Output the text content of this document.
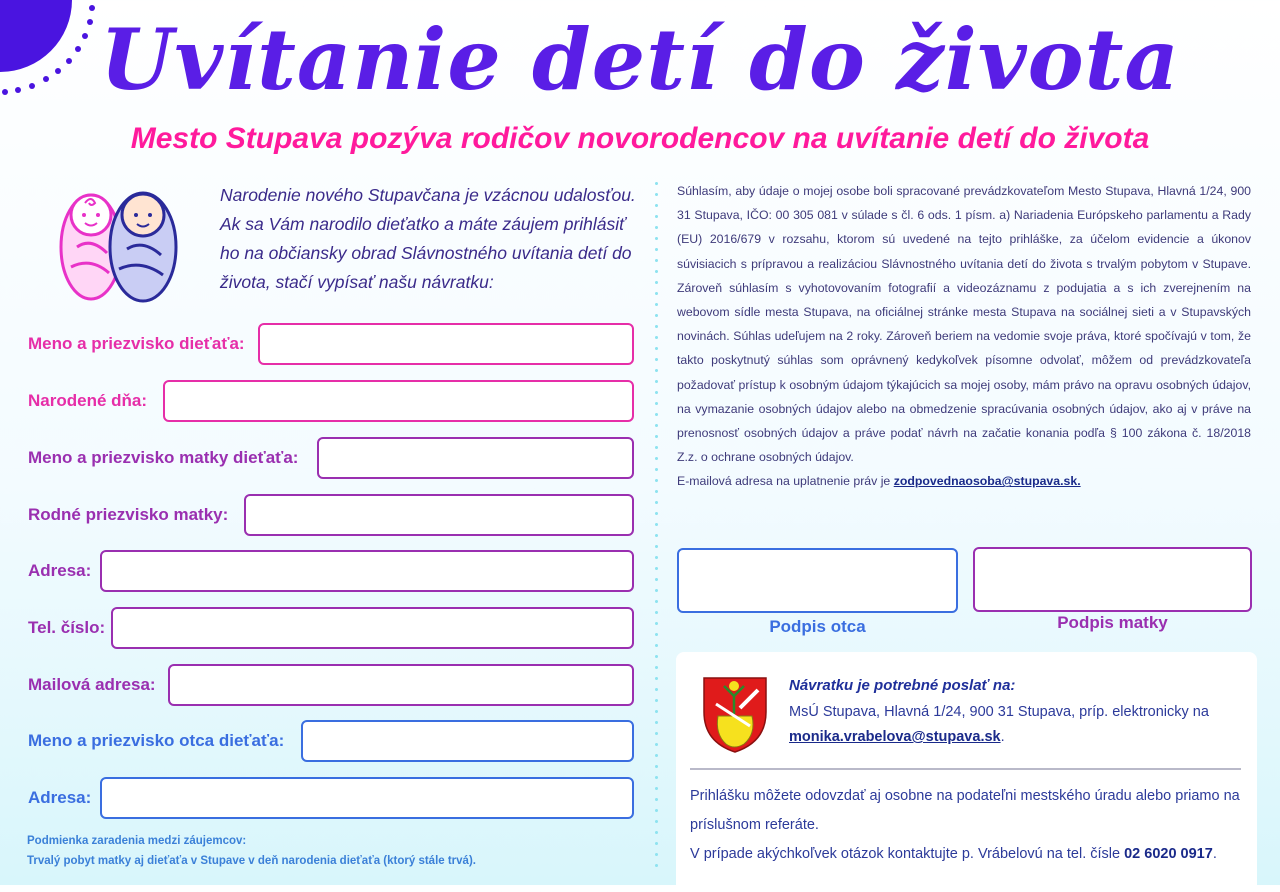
Uvítanie detí do života
Mesto Stupava pozýva rodičov novorodencov na uvítanie detí do života
Narodenie nového Stupavčana je vzácnou udalosťou. Ak sa Vám narodilo dieťatko a máte záujem prihlásiť ho na občiansky obrad Slávnostného uvítania detí do života, stačí vypísať našu návratku:
Meno a priezvisko dieťaťa:
Narodené dňa:
Meno a priezvisko matky dieťaťa:
Rodné priezvisko matky:
Adresa:
Tel. číslo:
Mailová adresa:
Meno a priezvisko otca dieťaťa:
Adresa:
Podmienka zaradenia medzi záujemcov:
Trvalý pobyt matky aj dieťaťa v Stupave v deň narodenia dieťaťa (ktorý stále trvá).
Súhlasím, aby údaje o mojej osobe boli spracované prevádzkovateľom Mesto Stupava, Hlavná 1/24, 900 31 Stupava, IČO: 00 305 081 v súlade s čl. 6 ods. 1 písm. a) Nariadenia Európskeho parlamentu a Rady (EU) 2016/679 v rozsahu, ktorom sú uvedené na tejto prihláške, za účelom evidencie a úkonov súvisiacich s prípravou a realizáciou Slávnostného uvítania detí do života s trvalým pobytom v Stupave. Zároveň súhlasím s vyhotovovaním fotografií a videozáznamu z podujatia a s ich zverejnením na webovom sídle mesta Stupava, na oficiálnej stránke mesta Stupava na sociálnej sieti a v Stupavských novinách. Súhlas udeľujem na 2 roky. Zároveň beriem na vedomie svoje práva, ktoré spočívajú v tom, že takto poskytnutý súhlas som oprávnený kedykoľvek písomne odvolať, môžem od prevádzkovateľa požadovať prístup k osobným údajom týkajúcich sa mojej osoby, mám právo na opravu osobných údajov, na vymazanie osobných údajov alebo na obmedzenie spracúvania osobných údajov, ako aj v práve na prenosnosť osobných údajov a práve podať návrh na začatie konania podľa § 100 zákona č. 18/2018 Z.z. o ochrane osobných údajov.
E-mailová adresa na uplatnenie práv je zodpovednaosoba@stupava.sk.
Podpis otca	Podpis matky
Návratku je potrebné poslať na:
MsÚ Stupava, Hlavná 1/24, 900 31 Stupava, príp. elektronicky na
monika.vrabelova@stupava.sk.
Prihlášku môžete odovzdať aj osobne na podateľni mestského úradu alebo priamo na príslušnom referáte.
V prípade akýchkoľvek otázok kontaktujte p. Vrábelovú na tel. čísle 02 6020 0917.
